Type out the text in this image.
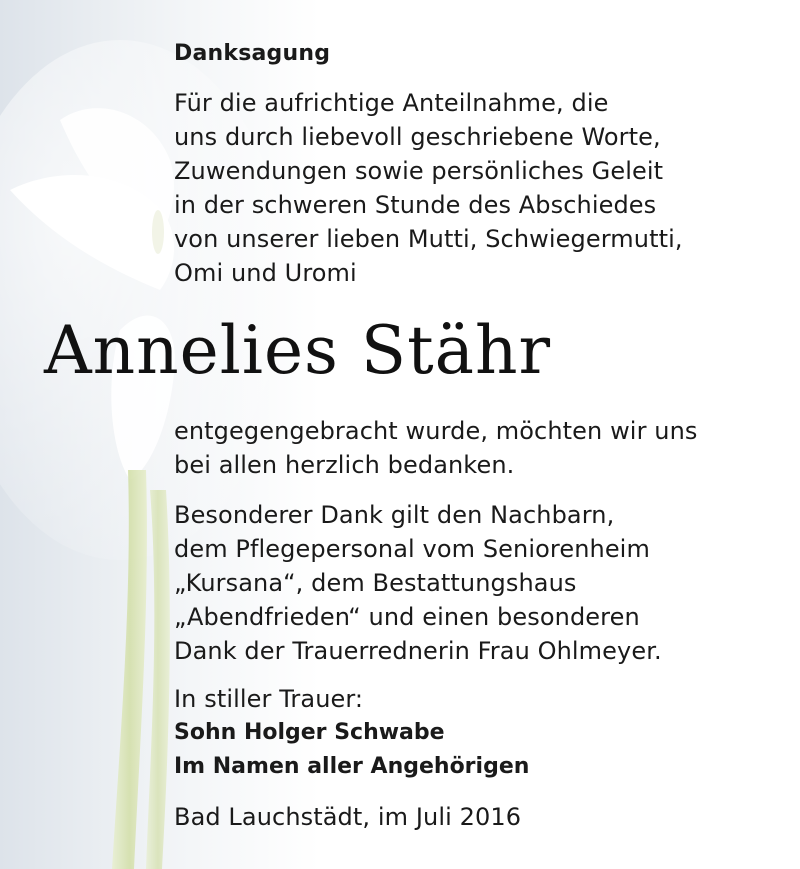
Danksagung
Für die aufrichtige Anteilnahme, die
uns durch liebevoll geschriebene Worte,
Zuwendungen sowie persönliches Geleit
in der schweren Stunde des Abschiedes
von unserer lieben Mutti, Schwiegermutti,
Omi und Uromi
Annelies Stähr
entgegengebracht wurde, möchten wir uns
bei allen herzlich bedanken.
Besonderer Dank gilt den Nachbarn,
dem Pflegepersonal vom Seniorenheim
„Kursana“, dem Bestattungshaus
„Abendfrieden“ und einen besonderen
Dank der Trauerrednerin Frau Ohlmeyer.
In stiller Trauer:
Sohn Holger Schwabe
Im Namen aller Angehörigen
Bad Lauchstädt, im Juli 2016
